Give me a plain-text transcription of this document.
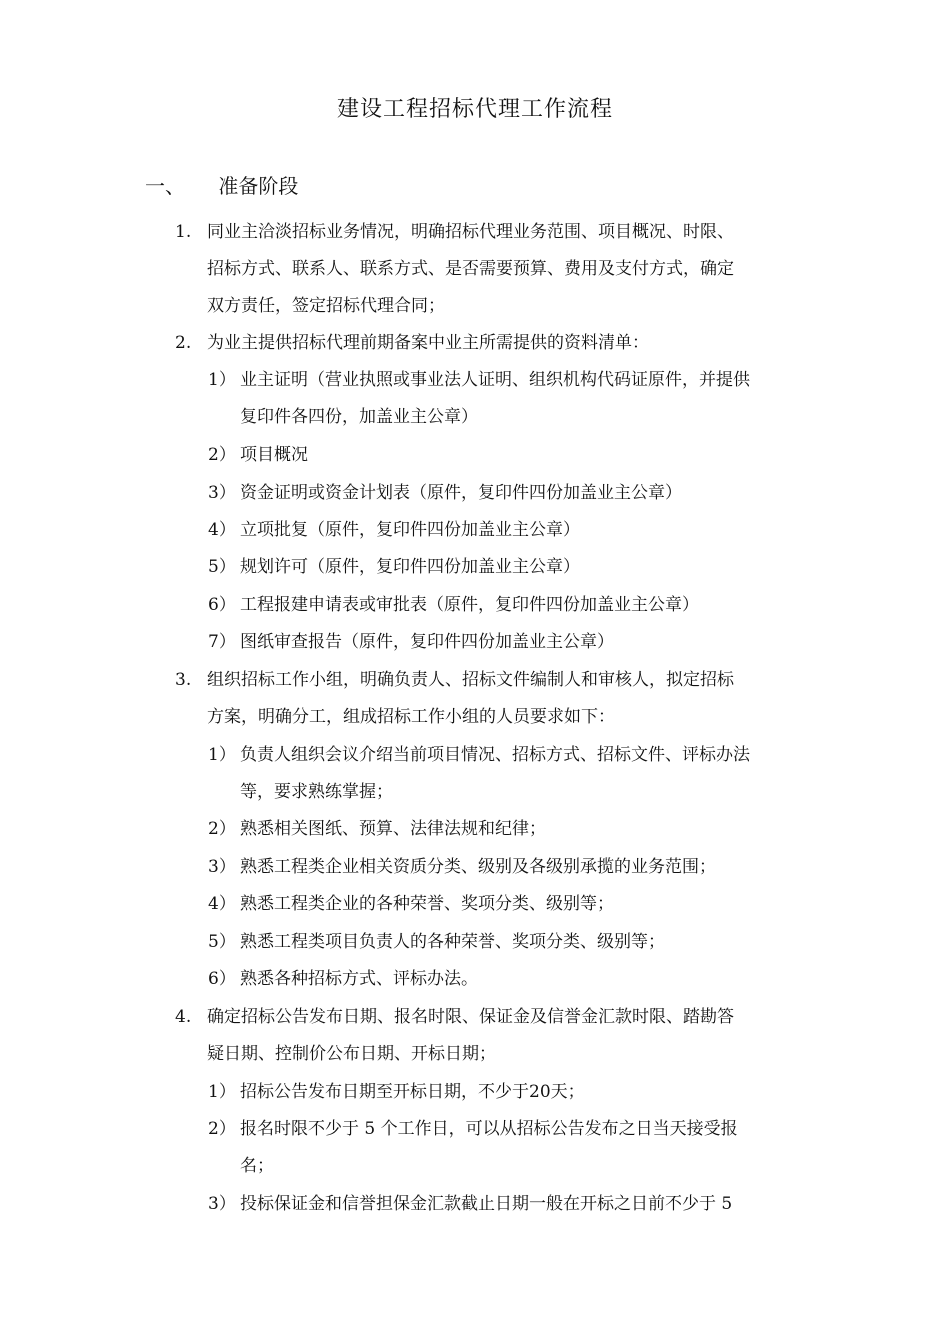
建设工程招标代理工作流程
一、 准备阶段
1. 同业主洽淡招标业务情况，明确招标代理业务范围、项目概况、时限、
招标方式、联系人、联系方式、是否需要预算、费用及支付方式，确定
双方责任，签定招标代理合同；
2. 为业主提供招标代理前期备案中业主所需提供的资料清单：
1） 业主证明（营业执照或事业法人证明、组织机构代码证原件，并提供
复印件各四份，加盖业主公章）
2） 项目概况
3） 资金证明或资金计划表（原件，复印件四份加盖业主公章）
4） 立项批复（原件，复印件四份加盖业主公章）
5） 规划许可（原件，复印件四份加盖业主公章）
6） 工程报建申请表或审批表（原件，复印件四份加盖业主公章）
7） 图纸审查报告（原件，复印件四份加盖业主公章）
3. 组织招标工作小组，明确负责人、招标文件编制人和审核人，拟定招标
方案，明确分工，组成招标工作小组的人员要求如下：
1） 负责人组织会议介绍当前项目情况、招标方式、招标文件、评标办法
等，要求熟练掌握；
2） 熟悉相关图纸、预算、法律法规和纪律；
3） 熟悉工程类企业相关资质分类、级别及各级别承揽的业务范围；
4） 熟悉工程类企业的各种荣誉、奖项分类、级别等；
5） 熟悉工程类项目负责人的各种荣誉、奖项分类、级别等；
6） 熟悉各种招标方式、评标办法。
4. 确定招标公告发布日期、报名时限、保证金及信誉金汇款时限、踏勘答
疑日期、控制价公布日期、开标日期；
1） 招标公告发布日期至开标日期，不少于20天；
2） 报名时限不少于 5 个工作日，可以从招标公告发布之日当天接受报
名；
3） 投标保证金和信誉担保金汇款截止日期一般在开标之日前不少于 5
